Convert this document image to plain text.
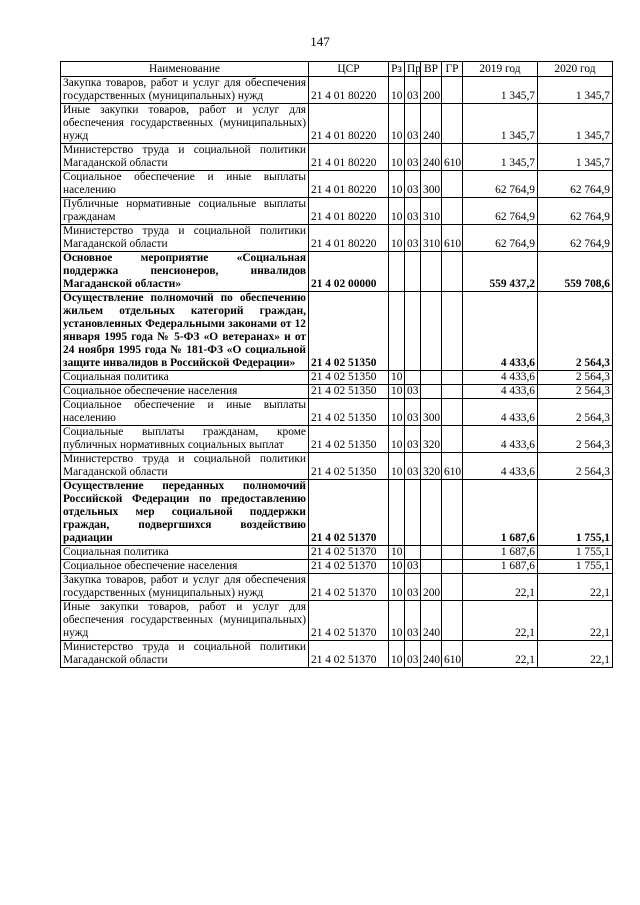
147
Наименование	ЦСР	Рз	Пр	ВР	ГР	2019 год	2020 год
Закупка товаров, работ и услуг для обеспечения государственных (муниципальных) нужд	21 4 01 80220	10	03	200		1 345,7	1 345,7
Иные закупки товаров, работ и услуг для обеспечения государственных (муниципальных) нужд	21 4 01 80220	10	03	240		1 345,7	1 345,7
Министерство труда и социальной политики Магаданской области	21 4 01 80220	10	03	240	610	1 345,7	1 345,7
Социальное обеспечение и иные выплаты населению	21 4 01 80220	10	03	300		62 764,9	62 764,9
Публичные нормативные социальные выплаты гражданам	21 4 01 80220	10	03	310		62 764,9	62 764,9
Министерство труда и социальной политики Магаданской области	21 4 01 80220	10	03	310	610	62 764,9	62 764,9
Основное мероприятие «Социальная поддержка пенсионеров, инвалидов Магаданской области»	21 4 02 00000					559 437,2	559 708,6
Осуществление полномочий по обеспечению жильем отдельных категорий граждан, установленных Федеральными законами от 12 января 1995 года № 5-ФЗ «О ветеранах» и от 24 ноября 1995 года № 181-ФЗ «О социальной защите инвалидов в Российской Федерации»	21 4 02 51350					4 433,6	2 564,3
Социальная политика	21 4 02 51350	10				4 433,6	2 564,3
Социальное обеспечение населения	21 4 02 51350	10	03			4 433,6	2 564,3
Социальное обеспечение и иные выплаты населению	21 4 02 51350	10	03	300		4 433,6	2 564,3
Социальные выплаты гражданам, кроме публичных нормативных социальных выплат	21 4 02 51350	10	03	320		4 433,6	2 564,3
Министерство труда и социальной политики Магаданской области	21 4 02 51350	10	03	320	610	4 433,6	2 564,3
Осуществление переданных полномочий Российской Федерации по предоставлению отдельных мер социальной поддержки граждан, подвергшихся воздействию радиации	21 4 02 51370					1 687,6	1 755,1
Социальная политика	21 4 02 51370	10				1 687,6	1 755,1
Социальное обеспечение населения	21 4 02 51370	10	03			1 687,6	1 755,1
Закупка товаров, работ и услуг для обеспечения государственных (муниципальных) нужд	21 4 02 51370	10	03	200		22,1	22,1
Иные закупки товаров, работ и услуг для обеспечения государственных (муниципальных) нужд	21 4 02 51370	10	03	240		22,1	22,1
Министерство труда и социальной политики Магаданской области	21 4 02 51370	10	03	240	610	22,1	22,1
